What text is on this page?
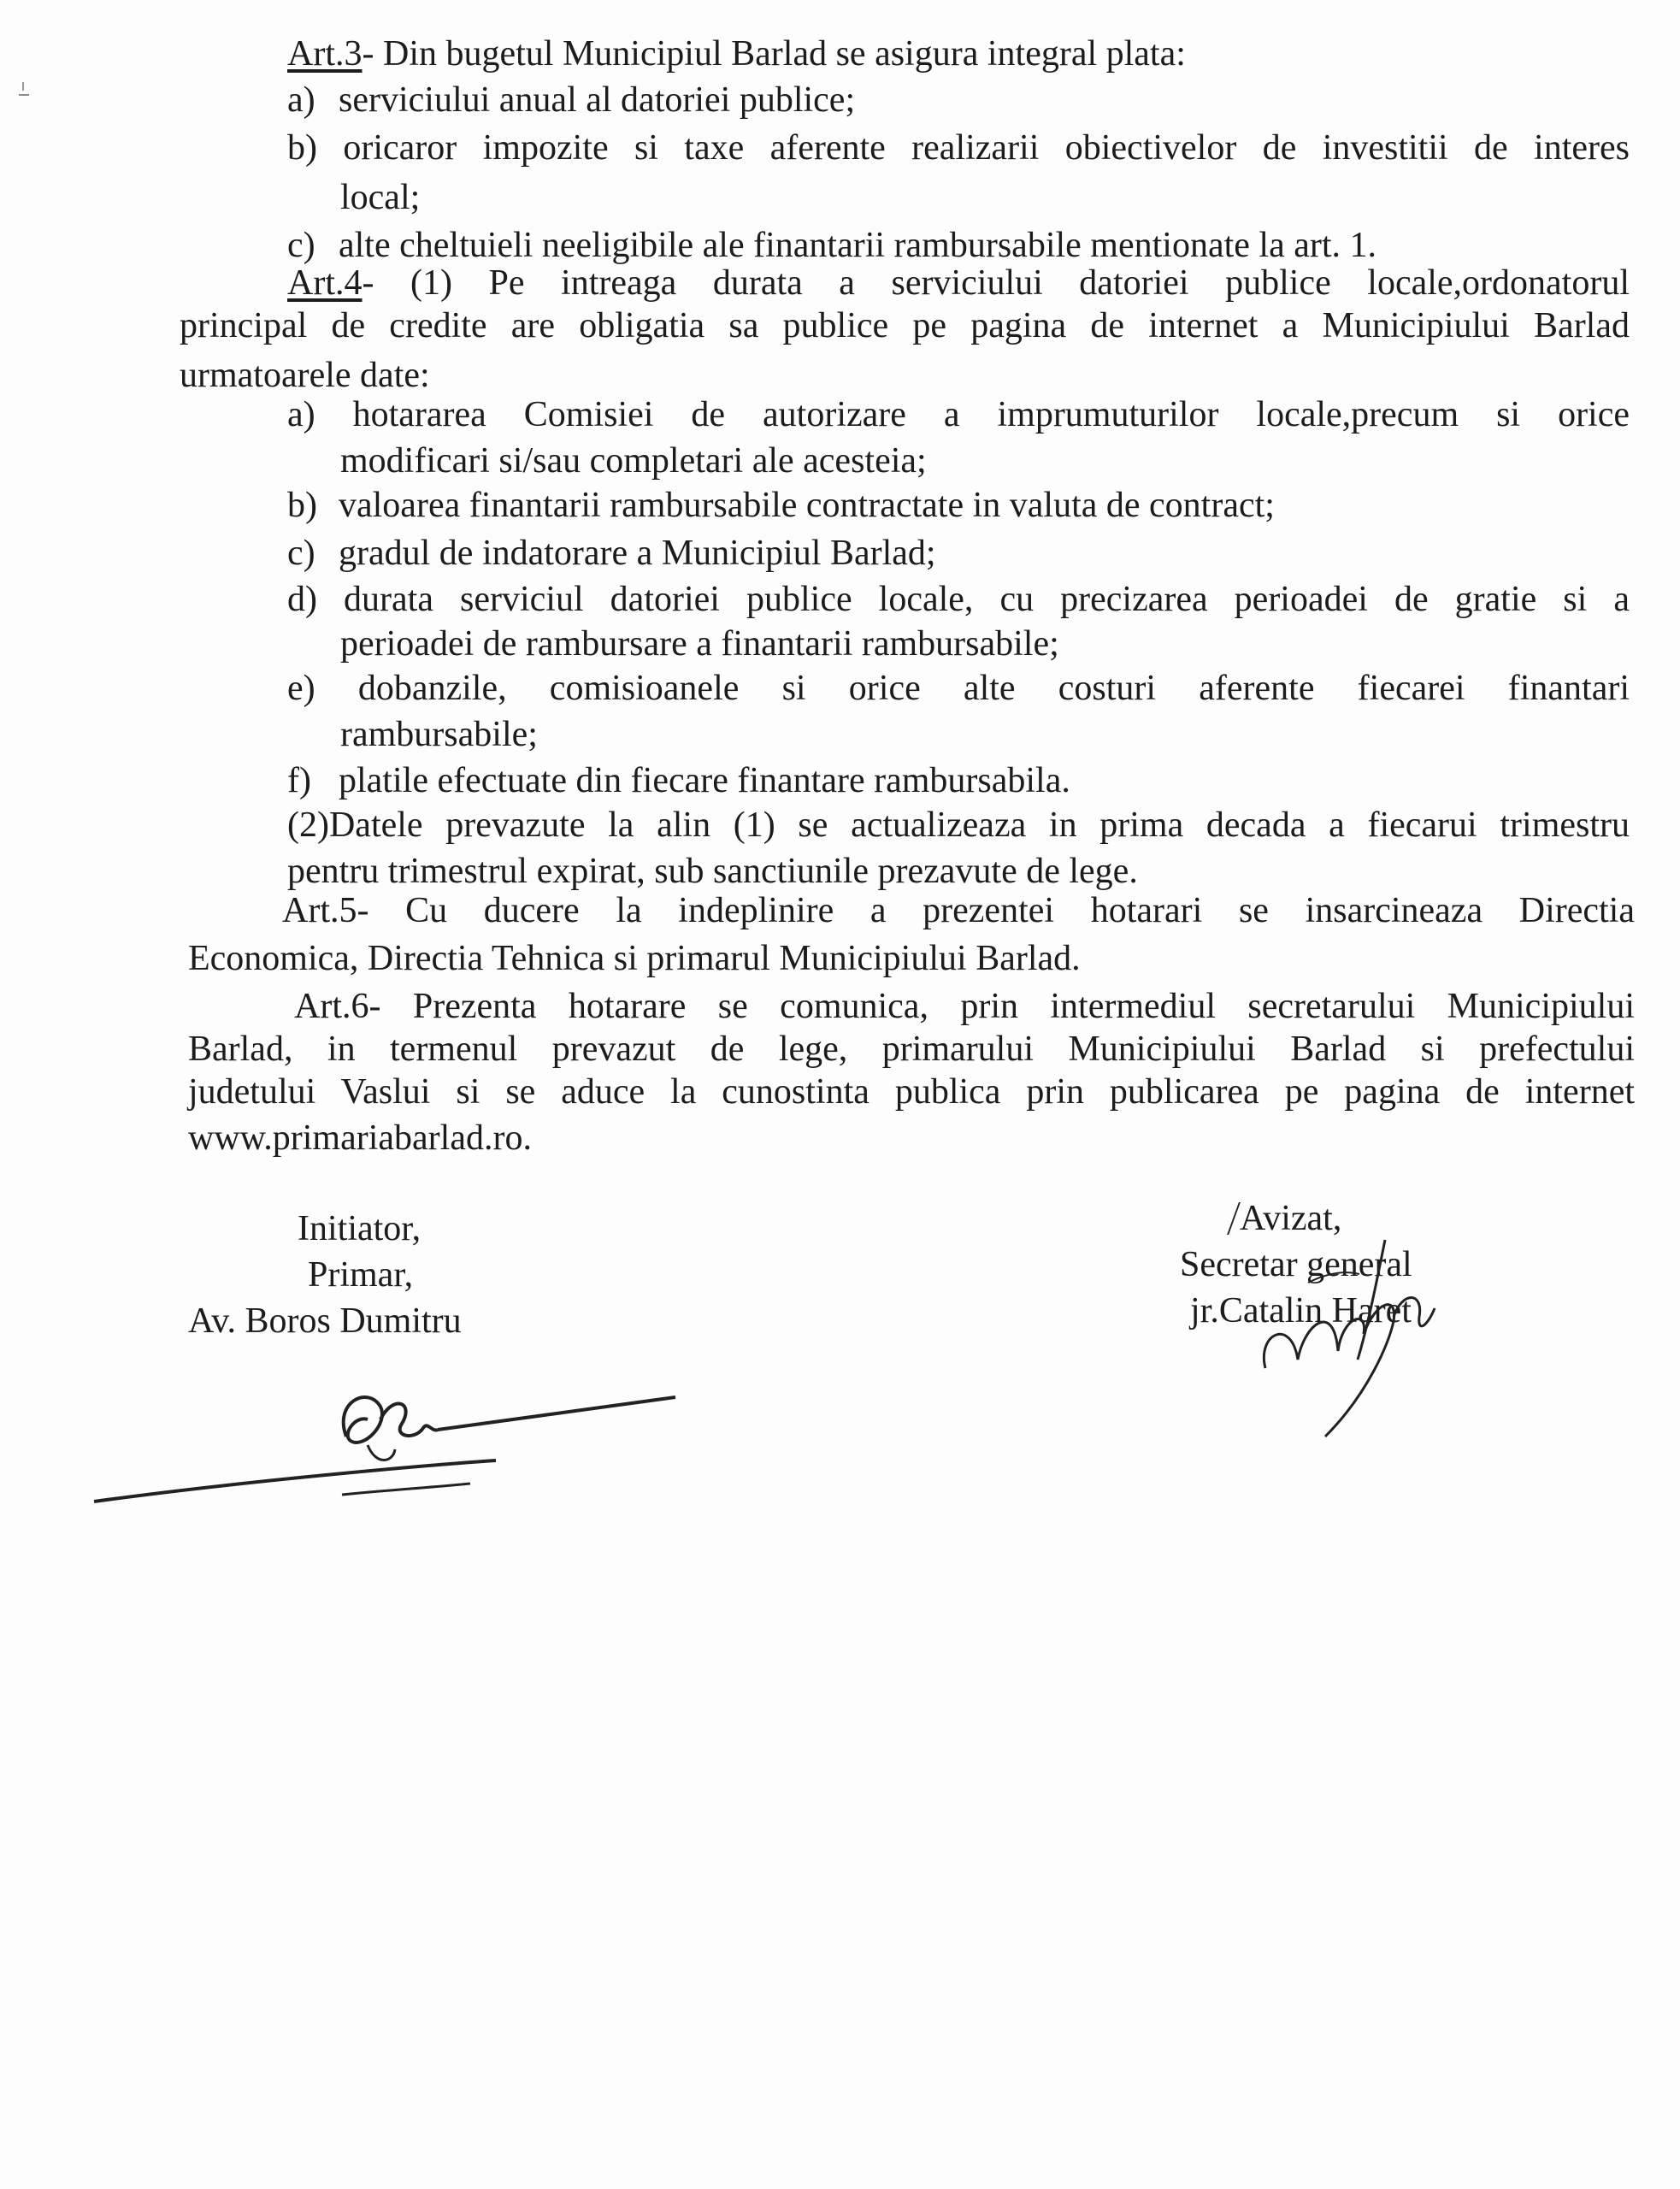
Art.3- Din bugetul Municipiul Barlad se asigura integral plata:
a) serviciului anual al datoriei publice;
b) oricaror impozite si taxe aferente realizarii obiectivelor de investitii de interes
local;
c) alte cheltuieli neeligibile ale finantarii rambursabile mentionate la art. 1.
Art.4- (1) Pe intreaga durata a serviciului datoriei publice locale,ordonatorul
principal de credite are obligatia sa publice pe pagina de internet a Municipiului Barlad
urmatoarele date:
a) hotararea Comisiei de autorizare a imprumuturilor locale,precum si orice
modificari si/sau completari ale acesteia;
b) valoarea finantarii rambursabile contractate in valuta de contract;
c) gradul de indatorare a Municipiul Barlad;
d) durata serviciul datoriei publice locale, cu precizarea perioadei de gratie si a
perioadei de rambursare a finantarii rambursabile;
e) dobanzile, comisioanele si orice alte costuri aferente fiecarei finantari
rambursabile;
f) platile efectuate din fiecare finantare rambursabila.
(2)Datele prevazute la alin (1) se actualizeaza in prima decada a fiecarui trimestru
pentru trimestrul expirat, sub sanctiunile prezavute de lege.
Art.5- Cu ducere la indeplinire a prezentei hotarari se insarcineaza Directia
Economica, Directia Tehnica si primarul Municipiului Barlad.
Art.6- Prezenta hotarare se comunica, prin intermediul secretarului Municipiului
Barlad, in termenul prevazut de lege, primarului Municipiului Barlad si prefectului
judetului Vaslui si se aduce la cunostinta publica prin publicarea pe pagina de internet
www.primariabarlad.ro.
Initiator,
Primar,
Av. Boros Dumitru
Avizat,
Secretar general
jr.Catalin Haret
